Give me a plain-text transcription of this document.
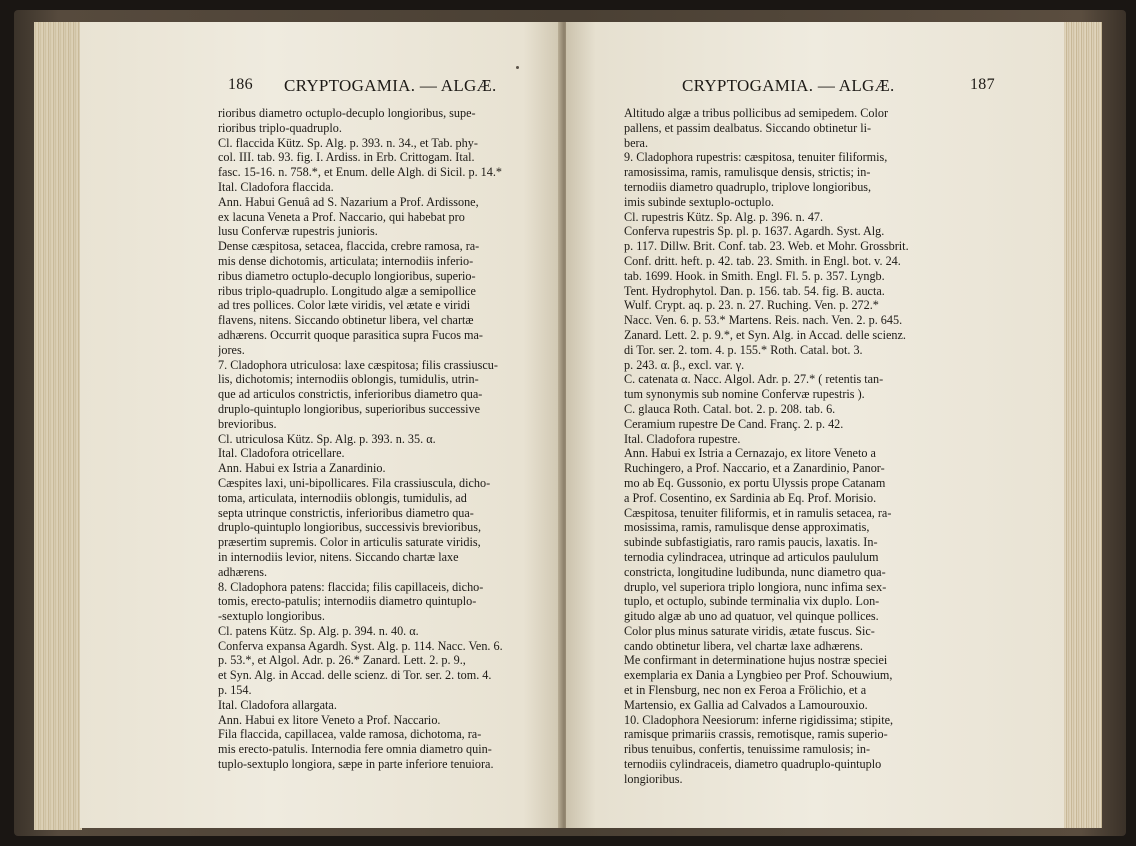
186 CRYPTOGAMIA. — ALGÆ.

rioribus diametro octuplo-decuplo longioribus, supe-

rioribus triplo-quadruplo.

Cl. flaccida Kütz. Sp. Alg. p. 393. n. 34., et Tab. phy-

col. III. tab. 93. fig. I. Ardiss. in Erb. Crittogam. Ital.

fasc. 15-16. n. 758.*, et Enum. delle Algh. di Sicil. p. 14.*

Ital. Cladofora flaccida.

Ann. Habui Genuâ ad S. Nazarium a Prof. Ardissone,

ex lacuna Veneta a Prof. Naccario, qui habebat pro

lusu Confervæ rupestris junioris.

Dense cæspitosa, setacea, flaccida, crebre ramosa, ra-

mis dense dichotomis, articulata; internodiis inferio-

ribus diametro octuplo-decuplo longioribus, superio-

ribus triplo-quadruplo. Longitudo algæ a semipollice

ad tres pollices. Color læte viridis, vel ætate e viridi

flavens, nitens. Siccando obtinetur libera, vel chartæ

adhærens. Occurrit quoque parasitica supra Fucos ma-

jores.

7. Cladophora utriculosa: laxe cæspitosa; filis crassiuscu-

lis, dichotomis; internodiis oblongis, tumidulis, utrin-

que ad articulos constrictis, inferioribus diametro qua-

druplo-quintuplo longioribus, superioribus successive

brevioribus.

Cl. utriculosa Kütz. Sp. Alg. p. 393. n. 35. α.

Ital. Cladofora otricellare.

Ann. Habui ex Istria a Zanardinio.

Cæspites laxi, uni-bipollicares. Fila crassiuscula, dicho-

toma, articulata, internodiis oblongis, tumidulis, ad

septa utrinque constrictis, inferioribus diametro qua-

druplo-quintuplo longioribus, successivis brevioribus,

præsertim supremis. Color in articulis saturate viridis,

in internodiis levior, nitens. Siccando chartæ laxe

adhærens.

8. Cladophora patens: flaccida; filis capillaceis, dicho-

tomis, erecto-patulis; internodiis diametro quintuplo-

-sextuplo longioribus.

Cl. patens Kütz. Sp. Alg. p. 394. n. 40. α.

Conferva expansa Agardh. Syst. Alg. p. 114. Nacc. Ven. 6.

p. 53.*, et Algol. Adr. p. 26.* Zanard. Lett. 2. p. 9.,

et Syn. Alg. in Accad. delle scienz. di Tor. ser. 2. tom. 4.

p. 154.

Ital. Cladofora allargata.

Ann. Habui ex litore Veneto a Prof. Naccario.

Fila flaccida, capillacea, valde ramosa, dichotoma, ra-

mis erecto-patulis. Internodia fere omnia diametro quin-

tuplo-sextuplo longiora, sæpe in parte inferiore tenuiora.

CRYPTOGAMIA. — ALGÆ.	187

Altitudo algæ a tribus pollicibus ad semipedem. Color

pallens, et passim dealbatus. Siccando obtinetur li-

bera.

9. Cladophora rupestris: cæspitosa, tenuiter filiformis,

ramosissima, ramis, ramulisque densis, strictis; in-

ternodiis diametro quadruplo, triplove longioribus,

imis subinde sextuplo-octuplo.

Cl. rupestris Kütz. Sp. Alg. p. 396. n. 47.

Conferva rupestris Sp. pl. p. 1637. Agardh. Syst. Alg.

p. 117. Dillw. Brit. Conf. tab. 23. Web. et Mohr. Grossbrit.

Conf. dritt. heft. p. 42. tab. 23. Smith. in Engl. bot. v. 24.

tab. 1699. Hook. in Smith. Engl. Fl. 5. p. 357. Lyngb.

Tent. Hydrophytol. Dan. p. 156. tab. 54. fig. B. aucta.

Wulf. Crypt. aq. p. 23. n. 27. Ruching. Ven. p. 272.*

Nacc. Ven. 6. p. 53.* Martens. Reis. nach. Ven. 2. p. 645.

Zanard. Lett. 2. p. 9.*, et Syn. Alg. in Accad. delle scienz.

di Tor. ser. 2. tom. 4. p. 155.* Roth. Catal. bot. 3.

p. 243. α. β., excl. var. γ.

C. catenata α. Nacc. Algol. Adr. p. 27.* ( retentis tan-

tum synonymis sub nomine Confervæ rupestris ).

C. glauca Roth. Catal. bot. 2. p. 208. tab. 6.

Ceramium rupestre De Cand. Franç. 2. p. 42.

Ital. Cladofora rupestre.

Ann. Habui ex Istria a Cernazajo, ex litore Veneto a

Ruchingero, a Prof. Naccario, et a Zanardinio, Panor-

mo ab Eq. Gussonio, ex portu Ulyssis prope Catanam

a Prof. Cosentino, ex Sardinia ab Eq. Prof. Morisio.

Cæspitosa, tenuiter filiformis, et in ramulis setacea, ra-

mosissima, ramis, ramulisque dense approximatis,

subinde subfastigiatis, raro ramis paucis, laxatis. In-

ternodia cylindracea, utrinque ad articulos paululum

constricta, longitudine ludibunda, nunc diametro qua-

druplo, vel superiora triplo longiora, nunc infima sex-

tuplo, et octuplo, subinde terminalia vix duplo. Lon-

gitudo algæ ab uno ad quatuor, vel quinque pollices.

Color plus minus saturate viridis, ætate fuscus. Sic-

cando obtinetur libera, vel chartæ laxe adhærens.

Me confirmant in determinatione hujus nostræ speciei

exemplaria ex Dania a Lyngbieo per Prof. Schouwium,

et in Flensburg, nec non ex Feroa a Frölichio, et a

Martensio, ex Gallia ad Calvados a Lamourouxio.

10. Cladophora Neesiorum: inferne rigidissima; stipite,

ramisque primariis crassis, remotisque, ramis superio-

ribus tenuibus, confertis, tenuissime ramulosis; in-

ternodiis cylindraceis, diametro quadruplo-quintuplo

longioribus.
